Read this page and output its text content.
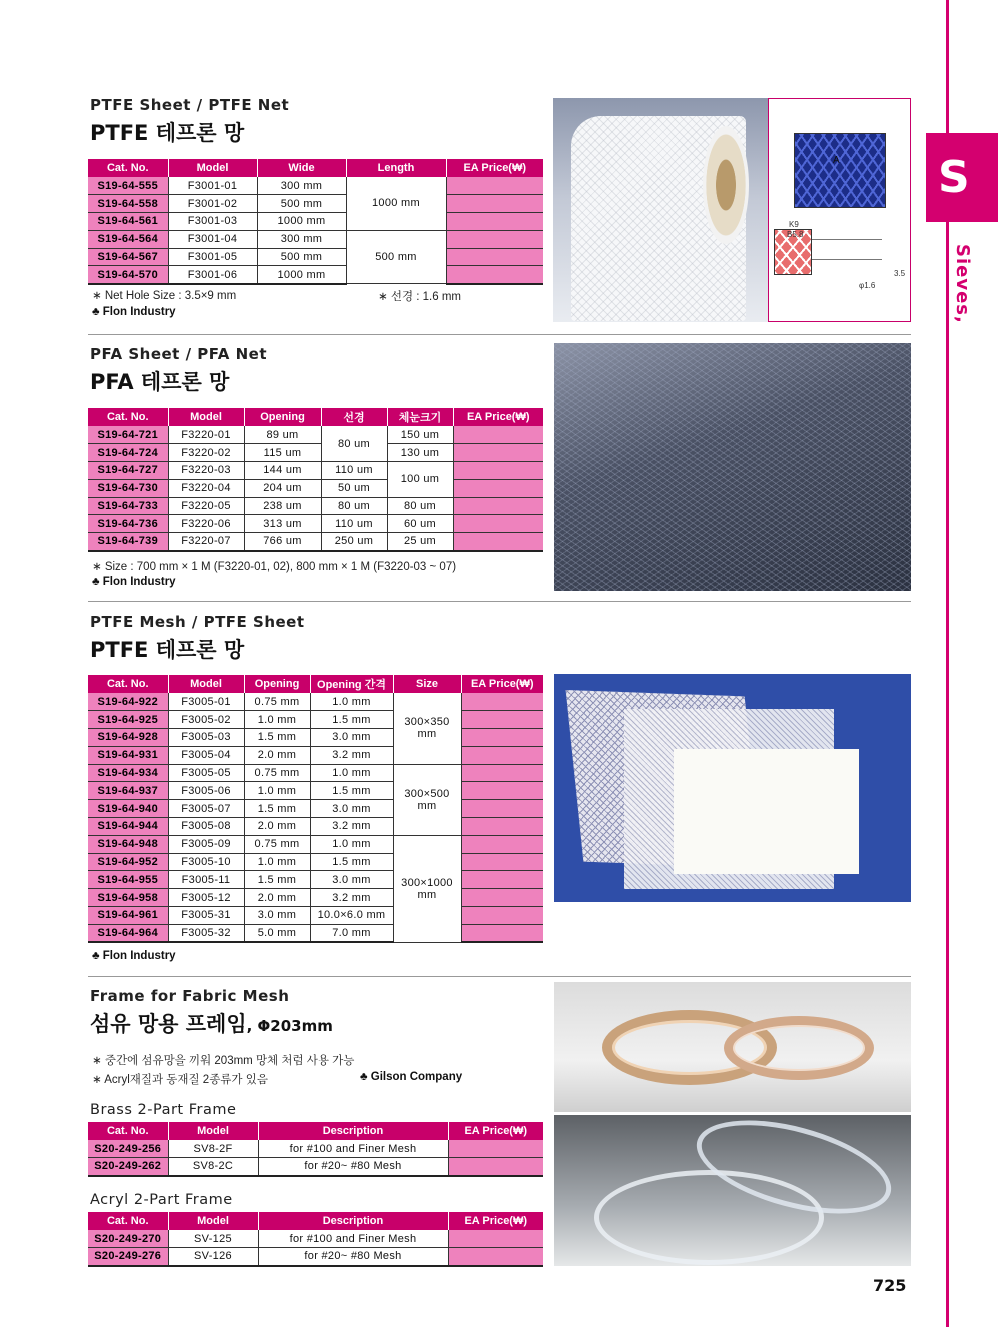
S
Sieves,
PTFE Sheet / PTFE Net
PTFE 테프론 망
Cat. No.	Model	Wide	Length	EA Price(₩)
S19-64-555	F3001-01	300 mm	1000 mm	
S19-64-558	F3001-02	500 mm		
S19-64-561	F3001-03	1000 mm		
S19-64-564	F3001-04	300 mm	500 mm	
S19-64-567	F3001-05	500 mm		
S19-64-570	F3001-06	1000 mm		
∗ Net Hole Size : 3.5×9 mm	∗ 선경 : 1.6 mm
♣ Flon Industry
A
K9
B5.8
φ1.6
3.5
PFA Sheet / PFA Net
PFA 테프론 망
Cat. No.	Model	Opening	선경	체눈크기	EA Price(₩)
S19-64-721	F3220-01	89 um	80 um	150 um	
S19-64-724	F3220-02	115 um		130 um	
S19-64-727	F3220-03	144 um	110 um	100 um	
S19-64-730	F3220-04	204 um	50 um		
S19-64-733	F3220-05	238 um	80 um	80 um	
S19-64-736	F3220-06	313 um	110 um	60 um	
S19-64-739	F3220-07	766 um	250 um	25 um	
∗ Size : 700 mm × 1 M (F3220-01, 02), 800 mm × 1 M (F3220-03 ~ 07)
♣ Flon Industry
PTFE Mesh / PTFE Sheet
PTFE 테프론 망
Cat. No.	Model	Opening	Opening 간격	Size	EA Price(₩)
S19-64-922	F3005-01	0.75 mm	1.0 mm	300×350 mm	
S19-64-925	F3005-02	1.0 mm	1.5 mm		
S19-64-928	F3005-03	1.5 mm	3.0 mm		
S19-64-931	F3005-04	2.0 mm	3.2 mm		
S19-64-934	F3005-05	0.75 mm	1.0 mm	300×500 mm	
S19-64-937	F3005-06	1.0 mm	1.5 mm		
S19-64-940	F3005-07	1.5 mm	3.0 mm		
S19-64-944	F3005-08	2.0 mm	3.2 mm		
S19-64-948	F3005-09	0.75 mm	1.0 mm	300×1000 mm	
S19-64-952	F3005-10	1.0 mm	1.5 mm		
S19-64-955	F3005-11	1.5 mm	3.0 mm		
S19-64-958	F3005-12	2.0 mm	3.2 mm		
S19-64-961	F3005-31	3.0 mm	10.0×6.0 mm		
S19-64-964	F3005-32	5.0 mm	7.0 mm		
♣ Flon Industry
Frame for Fabric Mesh
섬유 망용 프레임, Φ203mm
∗ 중간에 섬유망을 끼워 203mm 망체 처럼 사용 가능
∗ Acryl재질과 동재질 2종류가 있음	♣ Gilson Company
Brass 2-Part Frame
Cat. No.	Model	Description	EA Price(₩)
S20-249-256	SV8-2F	for #100 and Finer Mesh	
S20-249-262	SV8-2C	for #20~ #80 Mesh	
Acryl 2-Part Frame
Cat. No.	Model	Description	EA Price(₩)
S20-249-270	SV-125	for #100 and Finer Mesh	
S20-249-276	SV-126	for #20~ #80 Mesh	
725
